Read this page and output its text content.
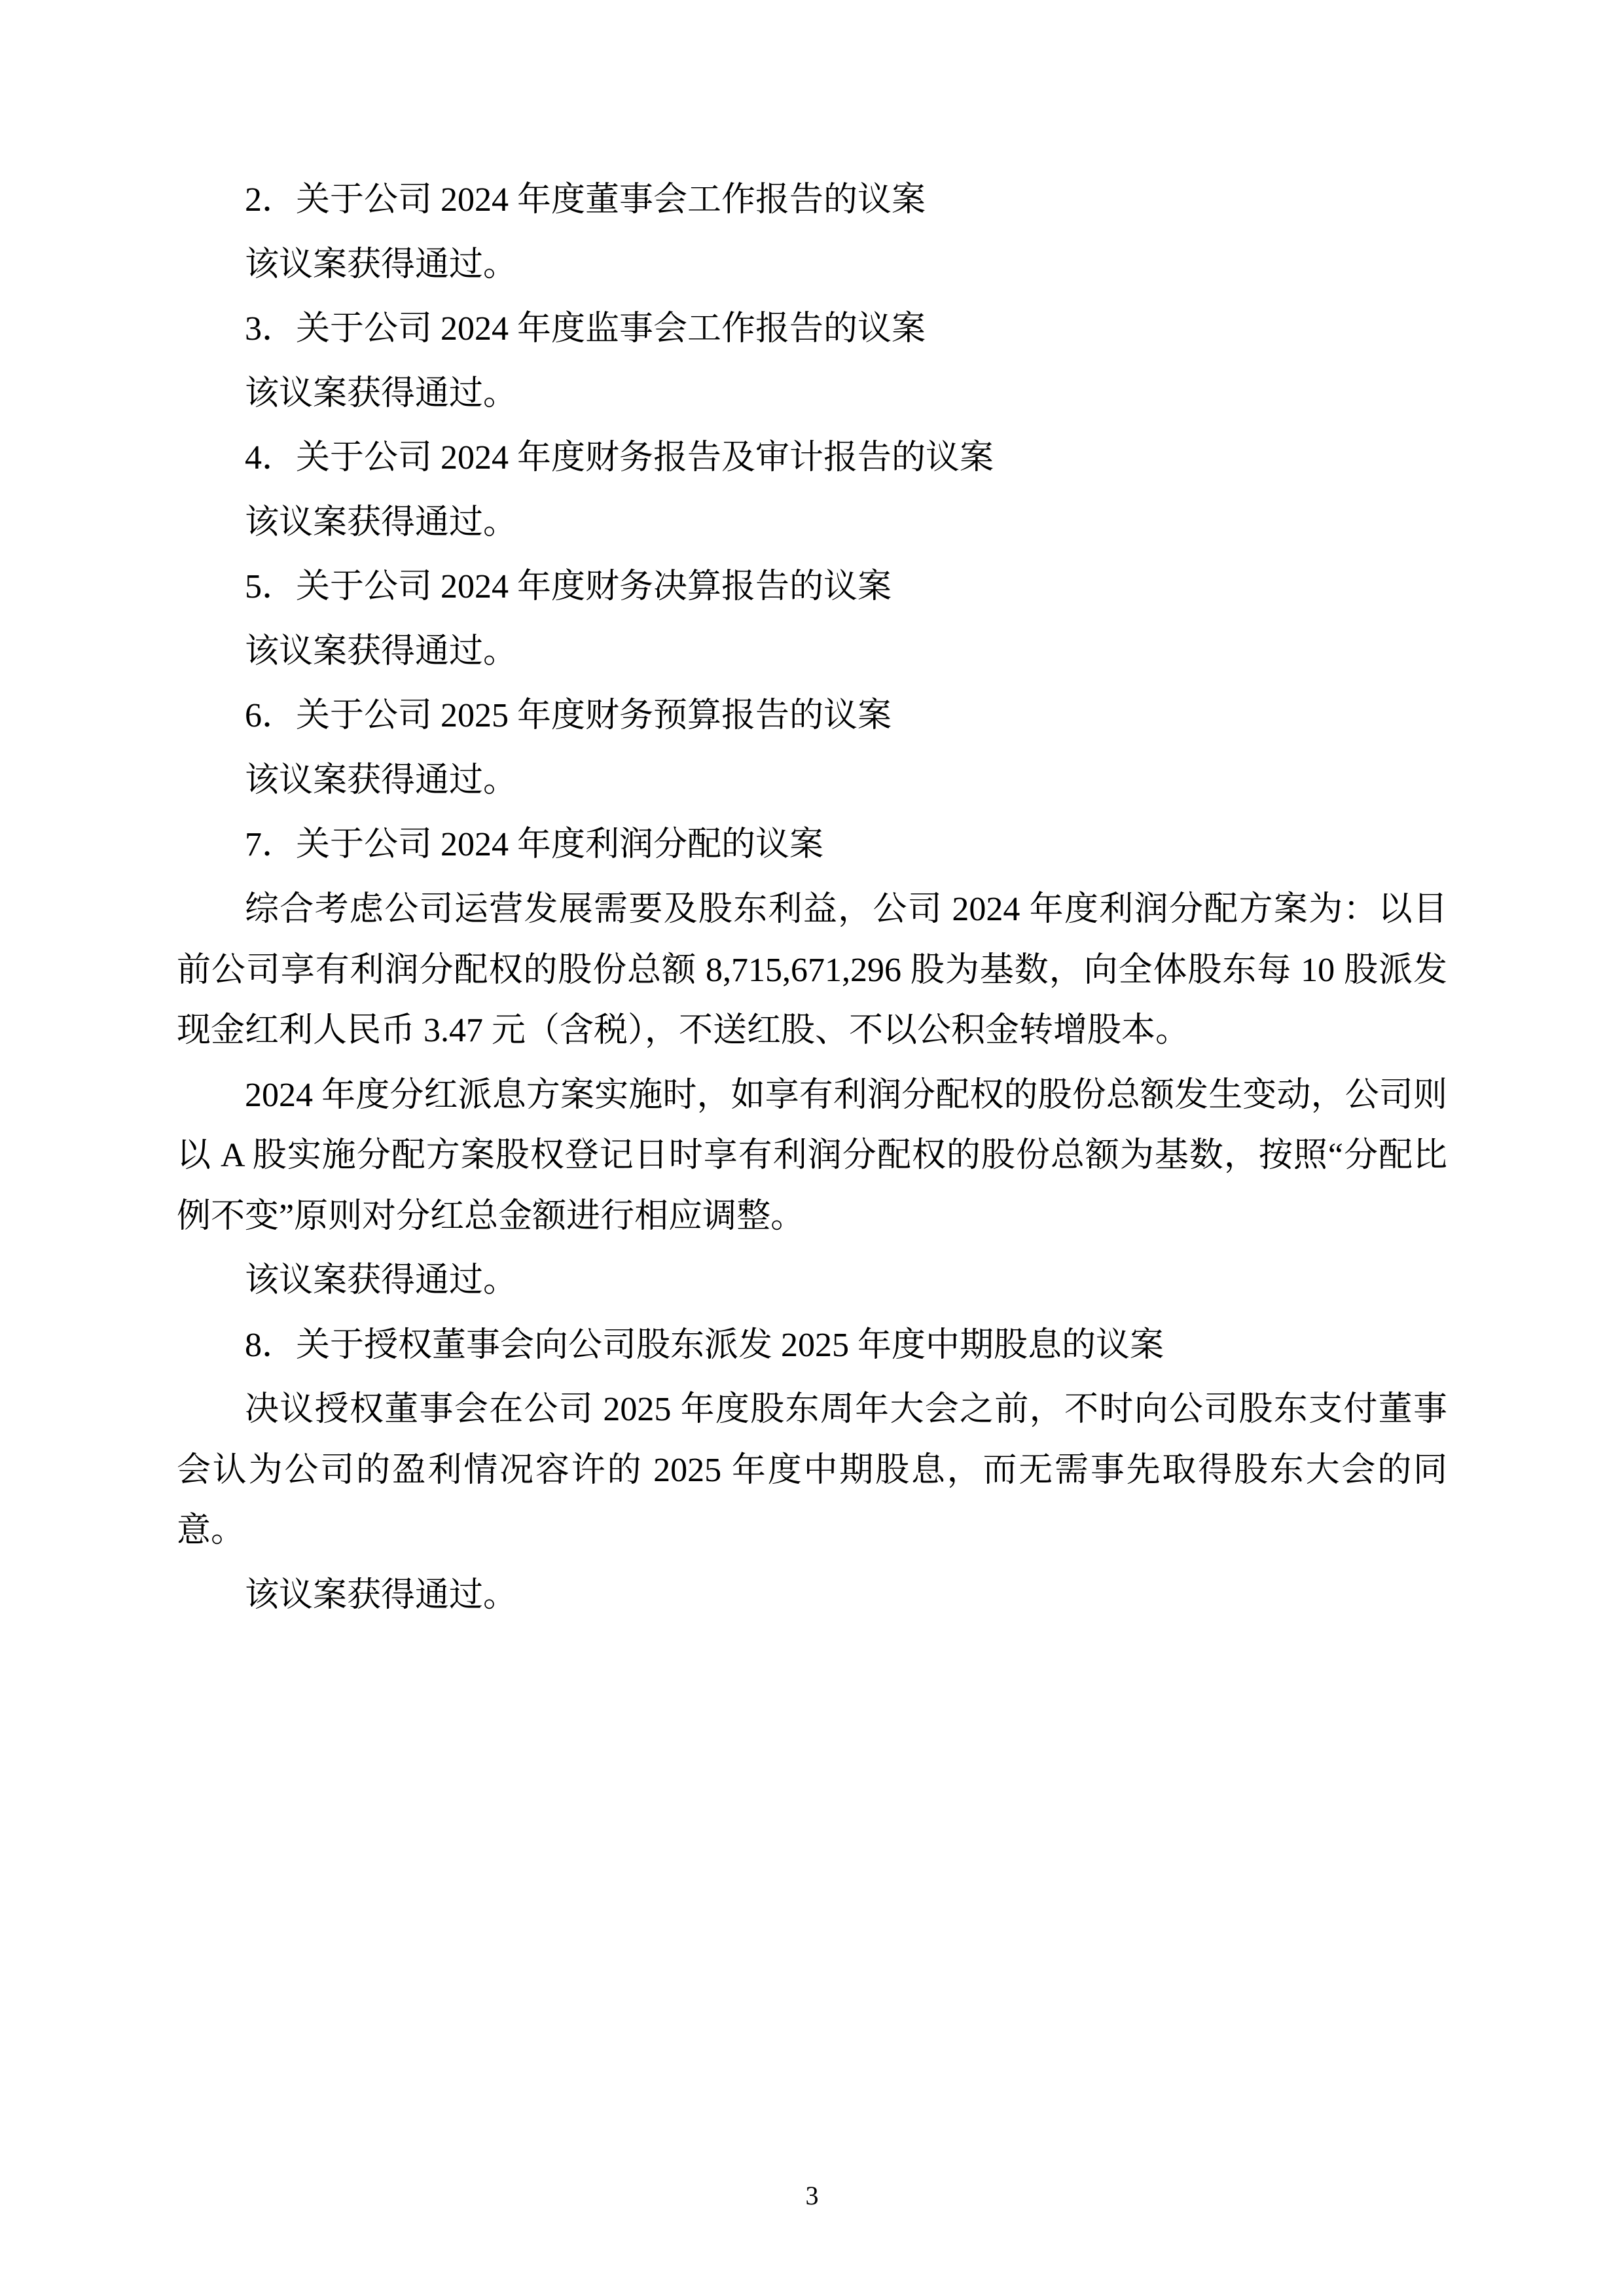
2．关于公司 2024 年度董事会工作报告的议案

该议案获得通过。

3．关于公司 2024 年度监事会工作报告的议案

该议案获得通过。

4．关于公司 2024 年度财务报告及审计报告的议案

该议案获得通过。

5．关于公司 2024 年度财务决算报告的议案

该议案获得通过。

6．关于公司 2025 年度财务预算报告的议案

该议案获得通过。

7．关于公司 2024 年度利润分配的议案

综合考虑公司运营发展需要及股东利益，公司 2024 年度利润分配方案为：以目前公司享有利润分配权的股份总额 8,715,671,296 股为基数，向全体股东每 10 股派发现金红利人民币 3.47 元（含税），不送红股、不以公积金转增股本。

2024 年度分红派息方案实施时，如享有利润分配权的股份总额发生变动，公司则以 A 股实施分配方案股权登记日时享有利润分配权的股份总额为基数，按照“分配比例不变”原则对分红总金额进行相应调整。

该议案获得通过。

8．关于授权董事会向公司股东派发 2025 年度中期股息的议案

决议授权董事会在公司 2025 年度股东周年大会之前，不时向公司股东支付董事会认为公司的盈利情况容许的 2025 年度中期股息，而无需事先取得股东大会的同意。

该议案获得通过。

3
